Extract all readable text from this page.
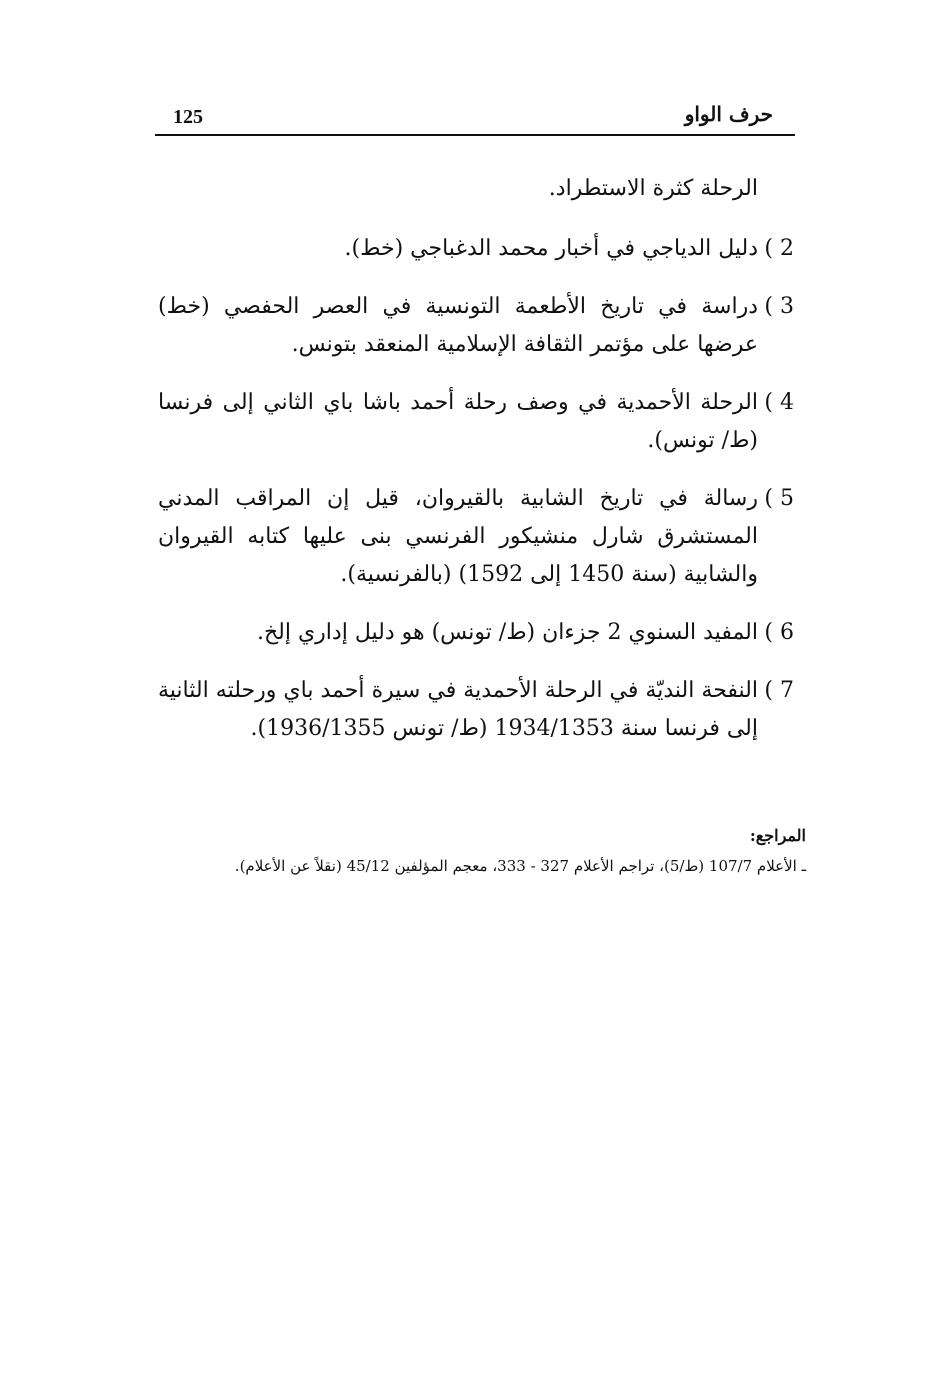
125	حرف الواو

الرحلة كثرة الاستطراد.

2 )
دليل الدياجي في أخبار محمد الدغباجي (خط).
3 )
دراسة في تاريخ الأطعمة التونسية في العصر الحفصي (خط) عرضها على مؤتمر الثقافة الإسلامية المنعقد بتونس.
4 )
الرحلة الأحمدية في وصف رحلة أحمد باشا باي الثاني إلى فرنسا (ط/ تونس).
5 )
رسالة في تاريخ الشابية بالقيروان، قيل إن المراقب المدني المستشرق شارل منشيكور الفرنسي بنى عليها كتابه القيروان والشابية (سنة 1450 إلى 1592) (بالفرنسية).
6 )
المفيد السنوي 2 جزءان (ط/ تونس) هو دليل إداري إلخ.
7 )
النفحة النديّة في الرحلة الأحمدية في سيرة أحمد باي ورحلته الثانية إلى فرنسا سنة 1934/1353 (ط/ تونس 1936/1355).
المراجع:

ـ الأعلام 107/7 (ط/5)، تراجم الأعلام 327 - 333، معجم المؤلفين 45/12 (نقلاً عن الأعلام).
